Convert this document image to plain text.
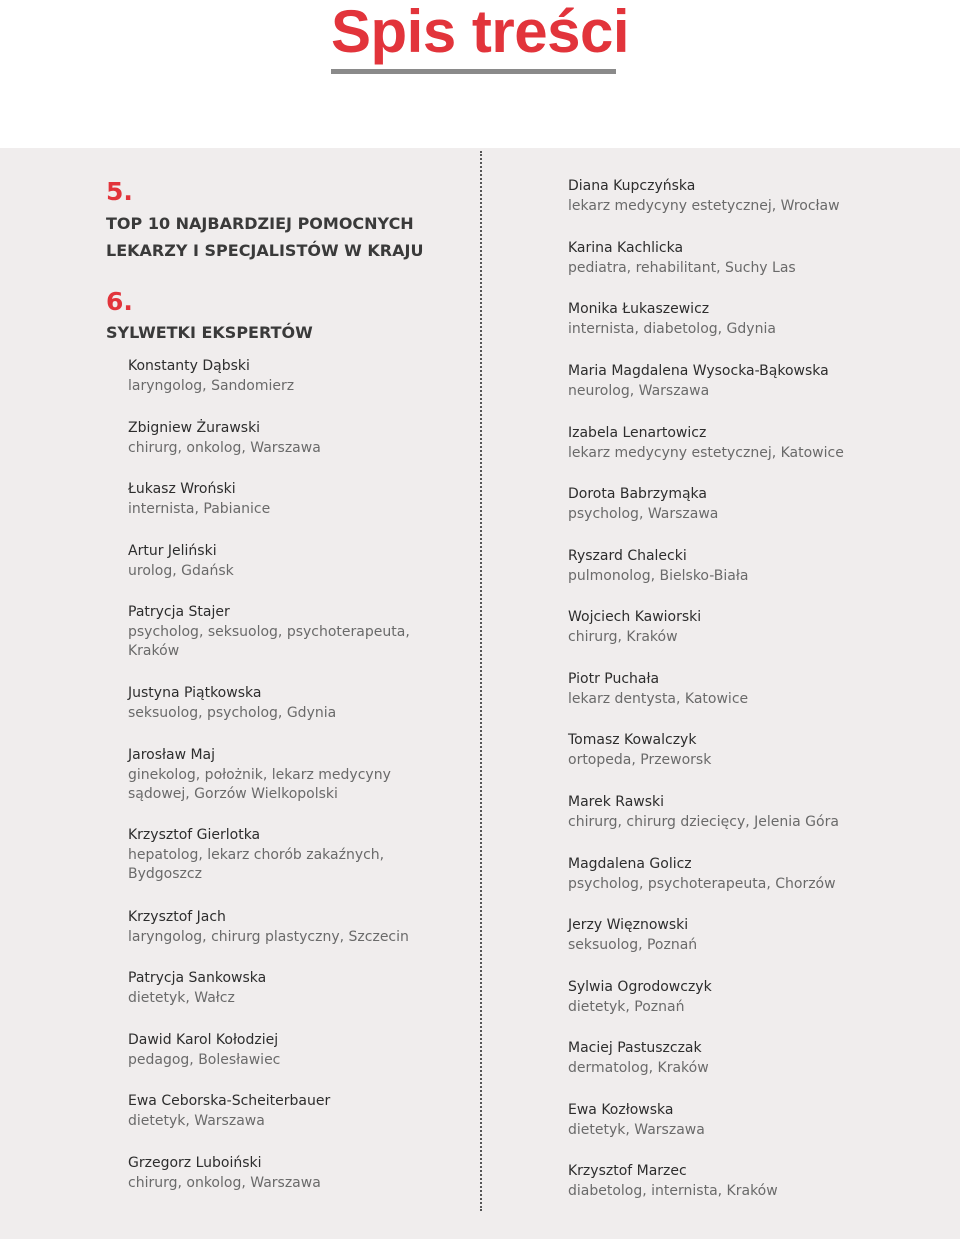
Spis treści
5.
TOP 10 NAJBARDZIEJ POMOCNYCH
LEKARZY I SPECJALISTÓW W KRAJU
6.
SYLWETKI EKSPERTÓW
Konstanty Dąbski
laryngolog, Sandomierz
Zbigniew Żurawski
chirurg, onkolog, Warszawa
Łukasz Wroński
internista, Pabianice
Artur Jeliński
urolog, Gdańsk
Patrycja Stajer
psycholog, seksuolog, psychoterapeuta,
Kraków
Justyna Piątkowska
seksuolog, psycholog, Gdynia
Jarosław Maj
ginekolog, położnik, lekarz medycyny
sądowej, Gorzów Wielkopolski
Krzysztof Gierlotka
hepatolog, lekarz chorób zakaźnych,
Bydgoszcz
Krzysztof Jach
laryngolog, chirurg plastyczny, Szczecin
Patrycja Sankowska
dietetyk, Wałcz
Dawid Karol Kołodziej
pedagog, Bolesławiec
Ewa Ceborska-Scheiterbauer
dietetyk, Warszawa
Grzegorz Luboiński
chirurg, onkolog, Warszawa
Diana Kupczyńska
lekarz medycyny estetycznej, Wrocław
Karina Kachlicka
pediatra, rehabilitant, Suchy Las
Monika Łukaszewicz
internista, diabetolog, Gdynia
Maria Magdalena Wysocka-Bąkowska
neurolog, Warszawa
Izabela Lenartowicz
lekarz medycyny estetycznej, Katowice
Dorota Babrzymąka
psycholog, Warszawa
Ryszard Chalecki
pulmonolog, Bielsko-Biała
Wojciech Kawiorski
chirurg, Kraków
Piotr Puchała
lekarz dentysta, Katowice
Tomasz Kowalczyk
ortopeda, Przeworsk
Marek Rawski
chirurg, chirurg dziecięcy, Jelenia Góra
Magdalena Golicz
psycholog, psychoterapeuta, Chorzów
Jerzy Więznowski
seksuolog, Poznań
Sylwia Ogrodowczyk
dietetyk, Poznań
Maciej Pastuszczak
dermatolog, Kraków
Ewa Kozłowska
dietetyk, Warszawa
Krzysztof Marzec
diabetolog, internista, Kraków
